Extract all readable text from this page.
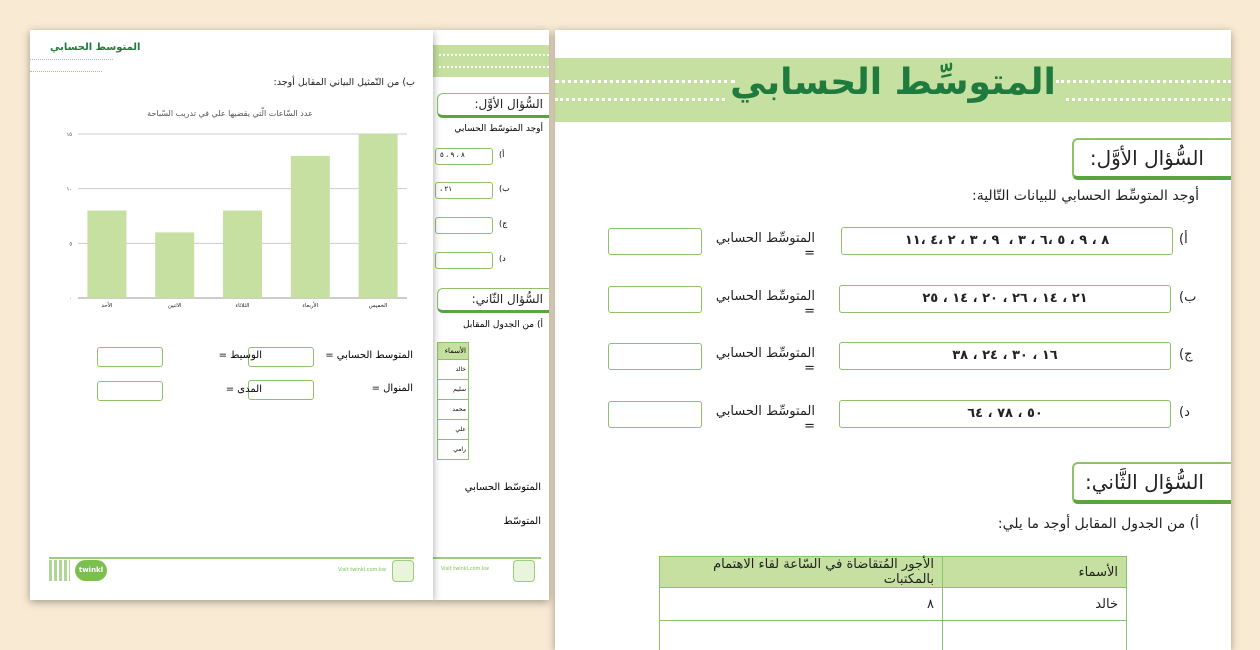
المتوسِّط الحسابي
السُّؤال الأوَّل:
أوجد المتوسِّط الحسابي للبيانات التّالية:
المتوسِّط الحسابي =
٨ ، ٩ ، ٥ ،٦ ، ٣ ،  ٩ ، ٣ ، ٢ ،٤ ،١١	أ)
المتوسِّط الحسابي =
٢١ ، ١٤ ، ٢٦ ، ٢٠ ، ١٤ ، ٢٥	ب)
المتوسِّط الحسابي =
١٦ ، ٣٠ ، ٢٤ ، ٣٨	ج)
المتوسِّط الحسابي =
٥٠ ، ٧٨ ، ٦٤	د)
السُّؤال الثَّاني:
أ) من الجدول المقابل أوجد ما يلي:
الأسماء	الأجور المُتقاضاة في السّاعة لقاء الاهتمام بالمكتبات
خالد	٨

السُّؤال الأوَّل:
أوجد المتوسّط الحسابي
٨ ، ٩ ، ٥	أ)
٢١ ،	ب)
ج)
د)
السُّؤال الثّاني:
أ) من الجدول المقابل
الأسماء
خالد
سليم
محمد
علي
رامي
المتوسّط الحسابي
المتوسّط
Visit twinkl.com.kw
المتوسط الحسابي
ب) من التّمثيل البياني المقابل أوجد:
عدد السّاعات الّتي يقضيها علي في تدريب السّباحة
٠
٥
١٠
١٥
الأحد	الاثنين	الثلاثاء	الأربعاء	الخميس
المتوسط الحسابي =
الوسيط =
المنوال =
المدى =
twinkl	Visit twinkl.com.kw
